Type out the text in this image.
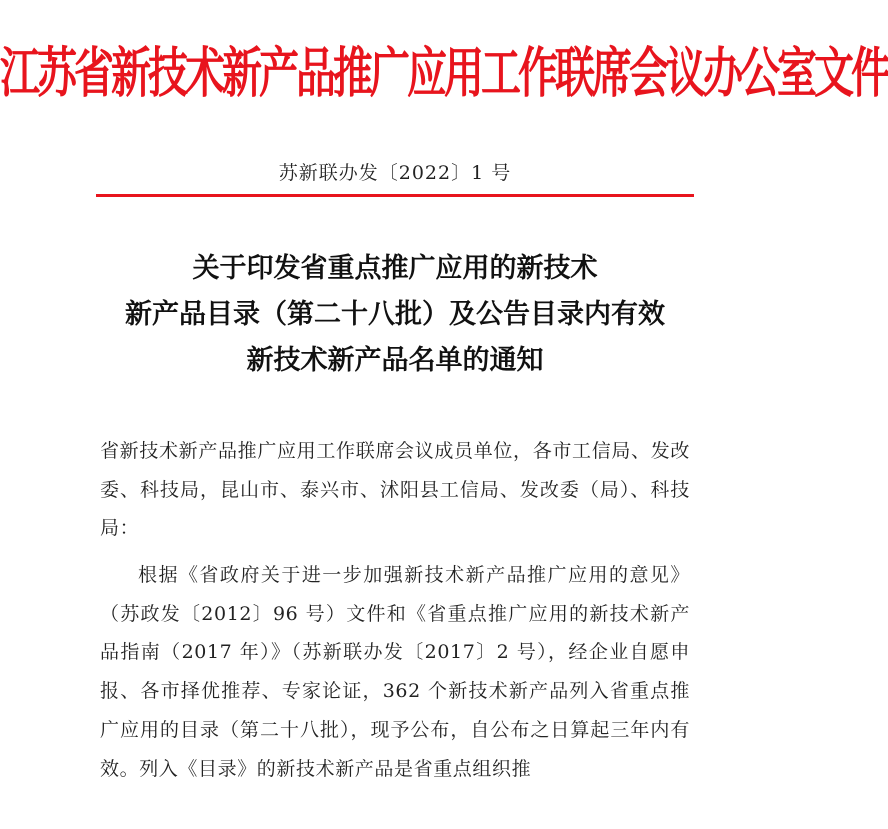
江苏省新技术新产品推广应用工作联席会议办公室文件
苏新联办发〔2022〕1 号
关于印发省重点推广应用的新技术
新产品目录（第二十八批）及公告目录内有效
新技术新产品名单的通知
省新技术新产品推广应用工作联席会议成员单位，各市工信局、发改委、科技局，昆山市、泰兴市、沭阳县工信局、发改委（局）、科技局：
根据《省政府关于进一步加强新技术新产品推广应用的意见》（苏政发〔2012〕96 号）文件和《省重点推广应用的新技术新产品指南（2017 年）》（苏新联办发〔2017〕2 号），经企业自愿申报、各市择优推荐、专家论证，362 个新技术新产品列入省重点推广应用的目录（第二十八批），现予公布，自公布之日算起三年内有效。列入《目录》的新技术新产品是省重点组织推
